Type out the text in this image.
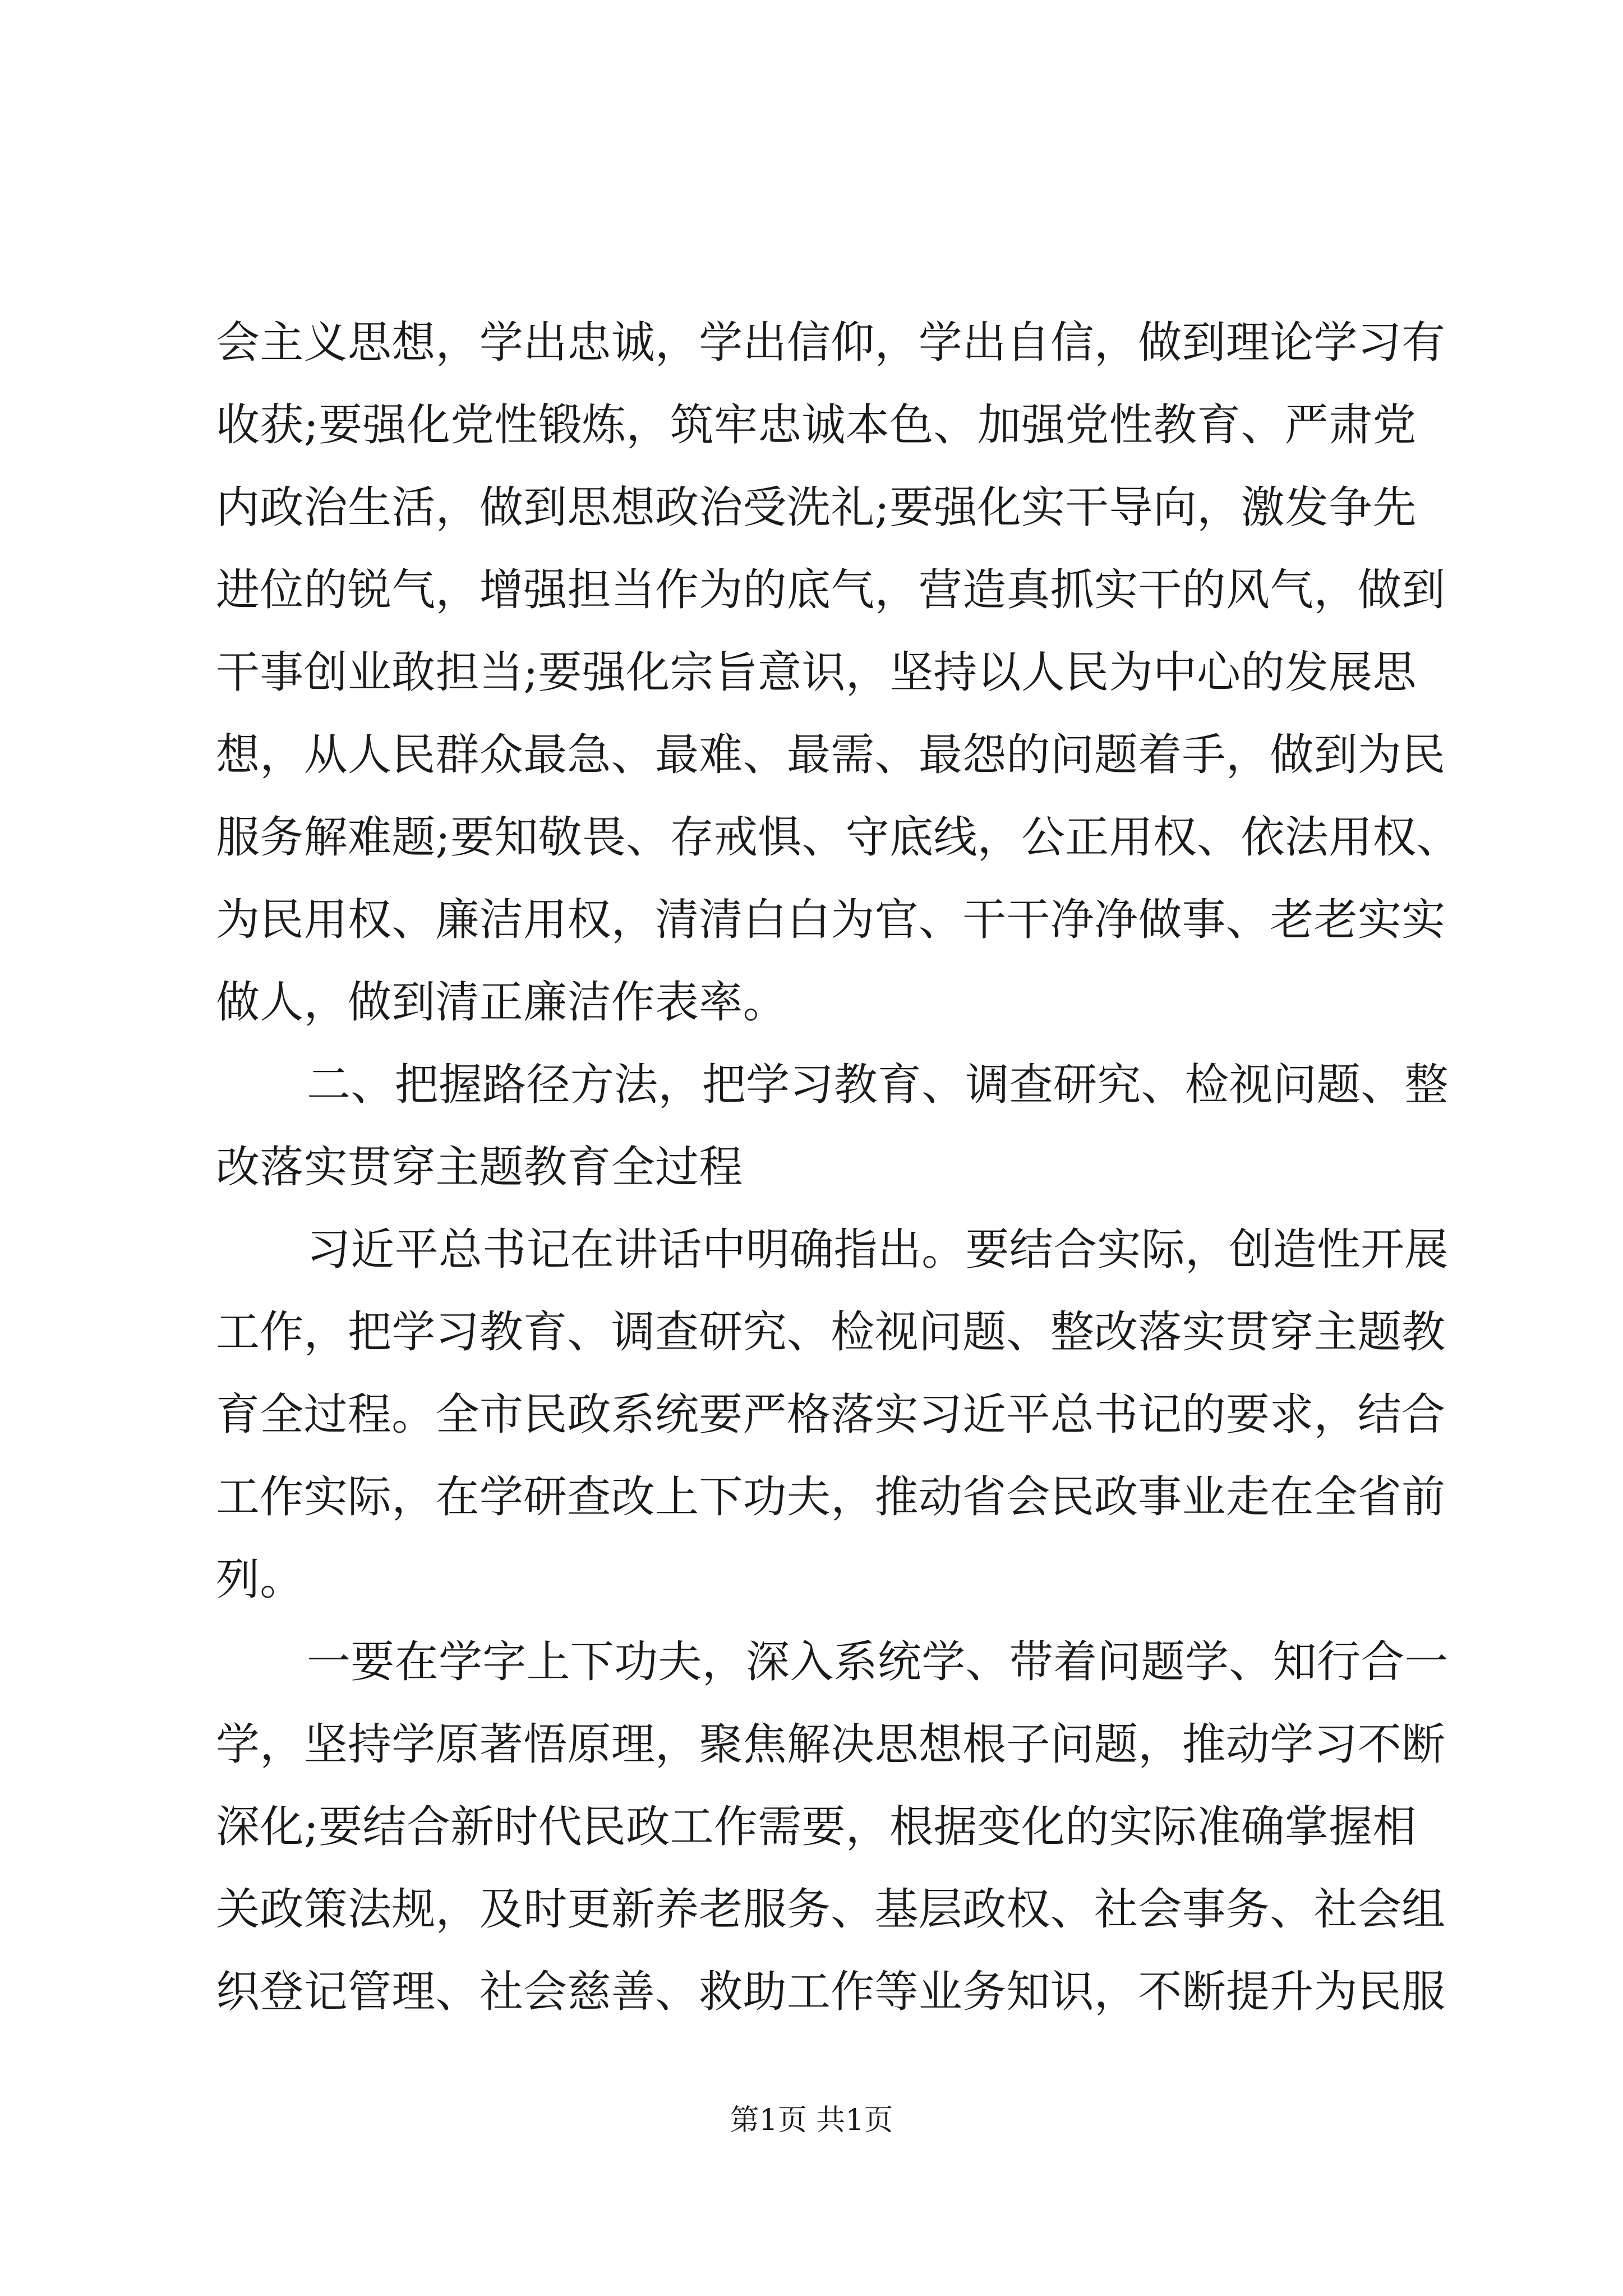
会主义思想，学出忠诚，学出信仰，学出自信，做到理论学习有
收获;要强化党性锻炼，筑牢忠诚本色、加强党性教育、严肃党
内政治生活，做到思想政治受洗礼;要强化实干导向，激发争先
进位的锐气，增强担当作为的底气，营造真抓实干的风气，做到
干事创业敢担当;要强化宗旨意识，坚持以人民为中心的发展思
想，从人民群众最急、最难、最需、最怨的问题着手，做到为民
服务解难题;要知敬畏、存戒惧、守底线，公正用权、依法用权、
为民用权、廉洁用权，清清白白为官、干干净净做事、老老实实
做人，做到清正廉洁作表率。
二、把握路径方法，把学习教育、调查研究、检视问题、整
改落实贯穿主题教育全过程
习近平总书记在讲话中明确指出。要结合实际，创造性开展
工作，把学习教育、调查研究、检视问题、整改落实贯穿主题教
育全过程。全市民政系统要严格落实习近平总书记的要求，结合
工作实际，在学研查改上下功夫，推动省会民政事业走在全省前
列。
一要在学字上下功夫，深入系统学、带着问题学、知行合一
学，坚持学原著悟原理，聚焦解决思想根子问题，推动学习不断
深化;要结合新时代民政工作需要，根据变化的实际准确掌握相
关政策法规，及时更新养老服务、基层政权、社会事务、社会组
织登记管理、社会慈善、救助工作等业务知识，不断提升为民服
第1页 共1页
